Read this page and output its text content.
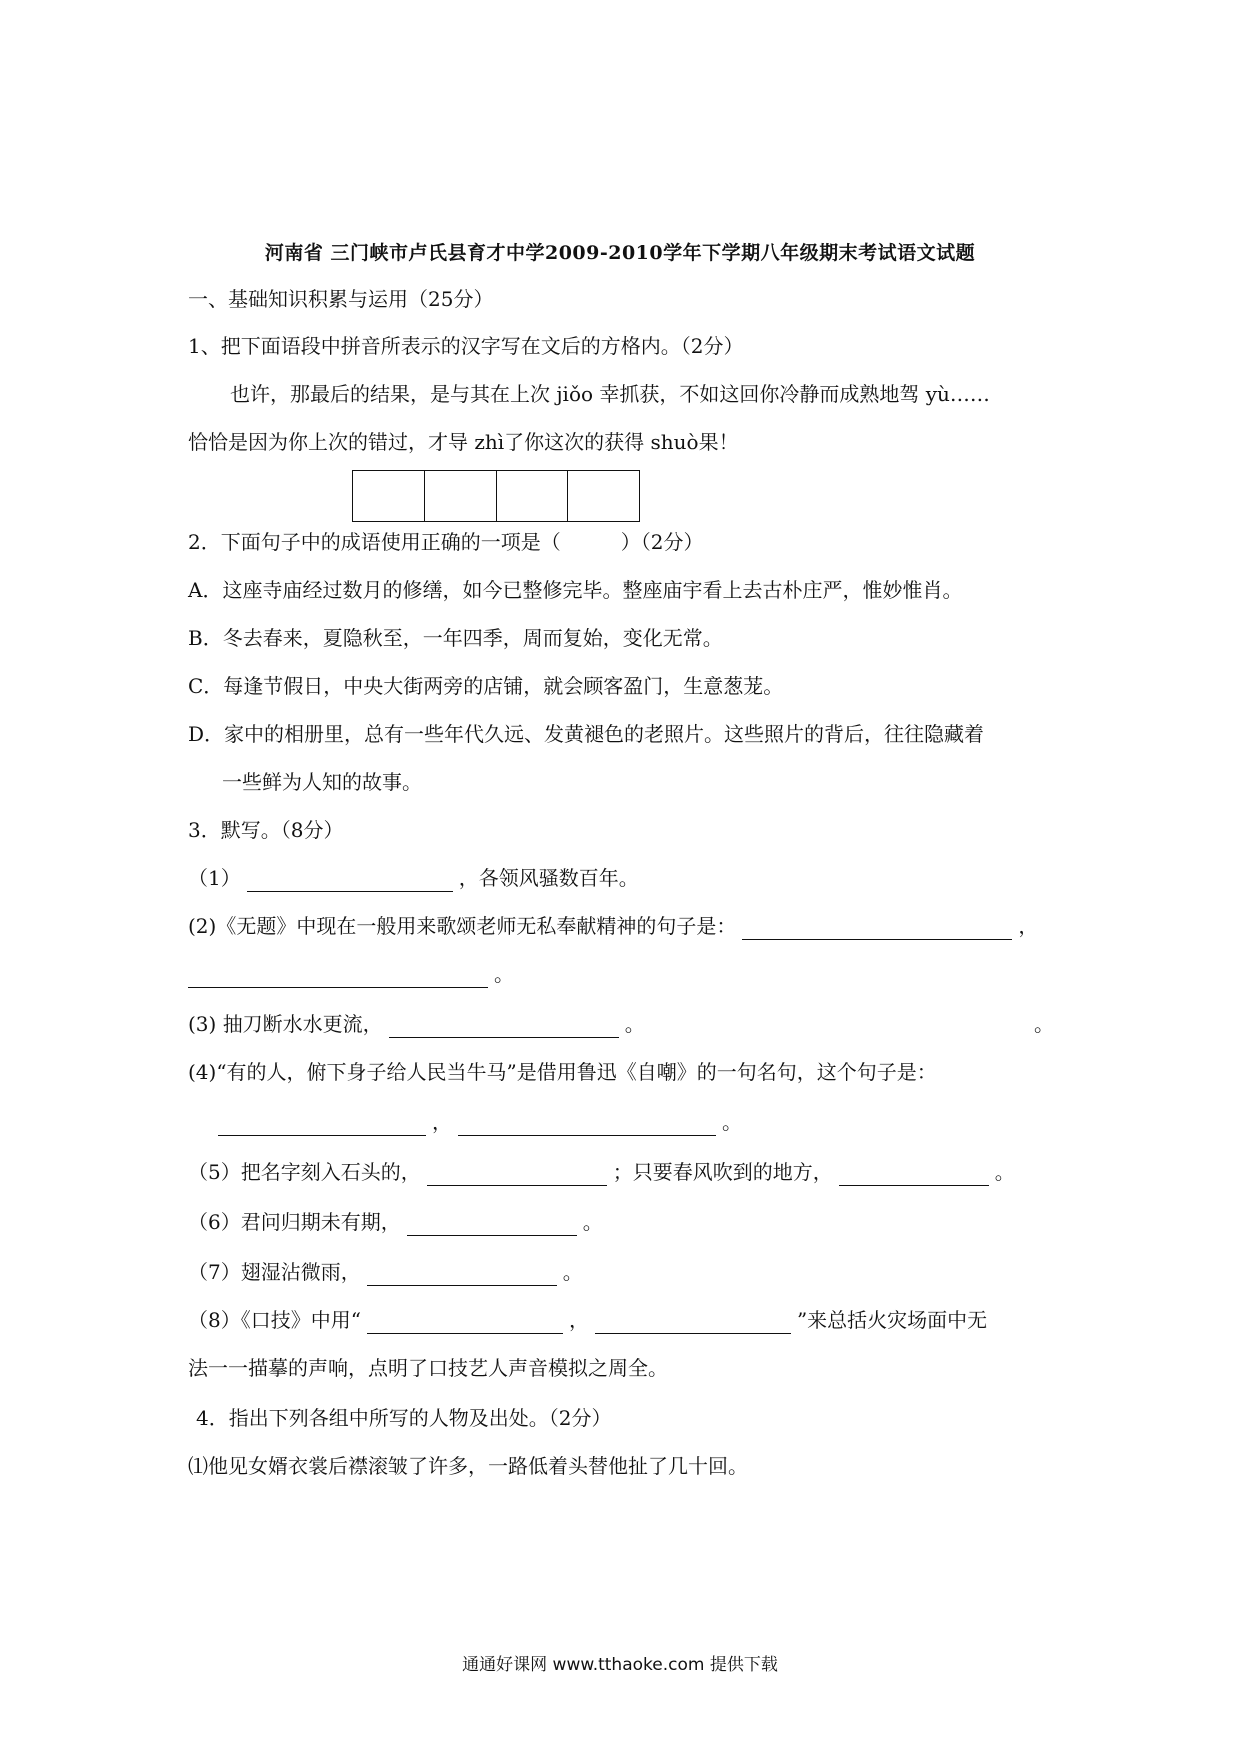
河南省 三门峡市卢氏县育才中学2009-2010学年下学期八年级期末考试语文试题
一、基础知识积累与运用（25分）
1、把下面语段中拼音所表示的汉字写在文后的方格内。（2分）
也许，那最后的结果，是与其在上次 jiǒo 幸抓获，不如这回你冷静而成熟地驾 yù……
恰恰是因为你上次的错过，才导 zhì了你这次的获得 shuò果！
2．下面句子中的成语使用正确的一项是（　　　）（2分）
A．这座寺庙经过数月的修缮，如今已整修完毕。整座庙宇看上去古朴庄严，惟妙惟肖。
B．冬去春来，夏隐秋至，一年四季，周而复始，变化无常。
C．每逢节假日，中央大街两旁的店铺，就会顾客盈门，生意葱茏。
D．家中的相册里，总有一些年代久远、发黄褪色的老照片。这些照片的背后，往往隐藏着
一些鲜为人知的故事。
3．默写。（8分）
（1）	，各领风骚数百年。
(2)《无题》中现在一般用来歌颂老师无私奉献精神的句子是：	，
。
(3) 抽刀断水水更流，	。	。
(4)“有的人，俯下身子给人民当牛马”是借用鲁迅《自嘲》的一句名句，这个句子是：
，	。
（5）把名字刻入石头的，	；只要春风吹到的地方，	。
（6）君问归期未有期，	。
（7）翅湿沾微雨，	。
（8）《口技》中用“	，	”来总括火灾场面中无
法一一描摹的声响，点明了口技艺人声音模拟之周全。
4．指出下列各组中所写的人物及出处。（2分）
⑴他见女婿衣裳后襟滚皱了许多，一路低着头替他扯了几十回。
通通好课网 www.tthaoke.com 提供下载
